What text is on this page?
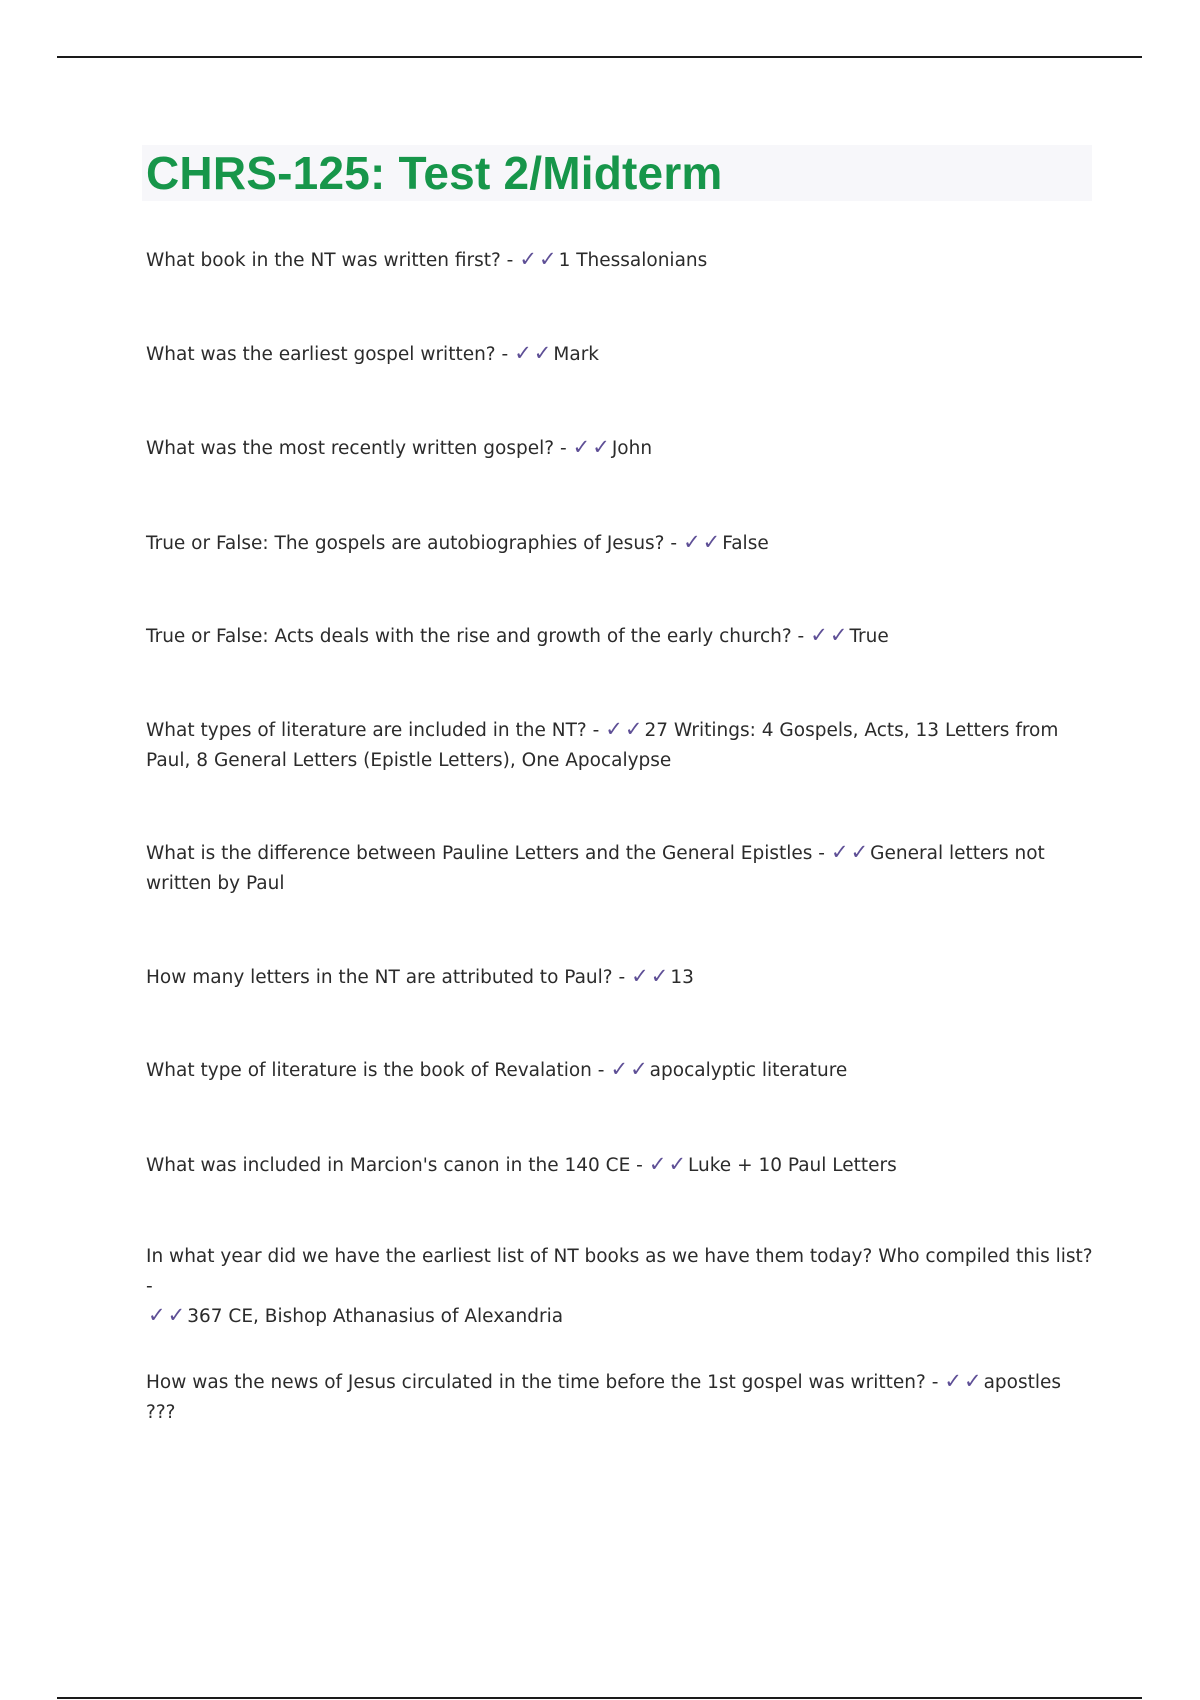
CHRS-125: Test 2/Midterm

What book in the NT was written first? - ✓✓ 1 Thessalonians

What was the earliest gospel written? - ✓✓ Mark

What was the most recently written gospel? - ✓✓ John

True or False: The gospels are autobiographies of Jesus? - ✓✓ False

True or False: Acts deals with the rise and growth of the early church? - ✓✓ True

What types of literature are included in the NT? - ✓✓ 27 Writings: 4 Gospels, Acts, 13 Letters from Paul, 8 General Letters (Epistle Letters), One Apocalypse

What is the difference between Pauline Letters and the General Epistles - ✓✓ General letters not written by Paul

How many letters in the NT are attributed to Paul? - ✓✓ 13

What type of literature is the book of Revalation - ✓✓ apocalyptic literature

What was included in Marcion's canon in the 140 CE - ✓✓ Luke + 10 Paul Letters

In what year did we have the earliest list of NT books as we have them today? Who compiled this list? -
✓✓ 367 CE, Bishop Athanasius of Alexandria

How was the news of Jesus circulated in the time before the 1st gospel was written? - ✓✓ apostles ???
